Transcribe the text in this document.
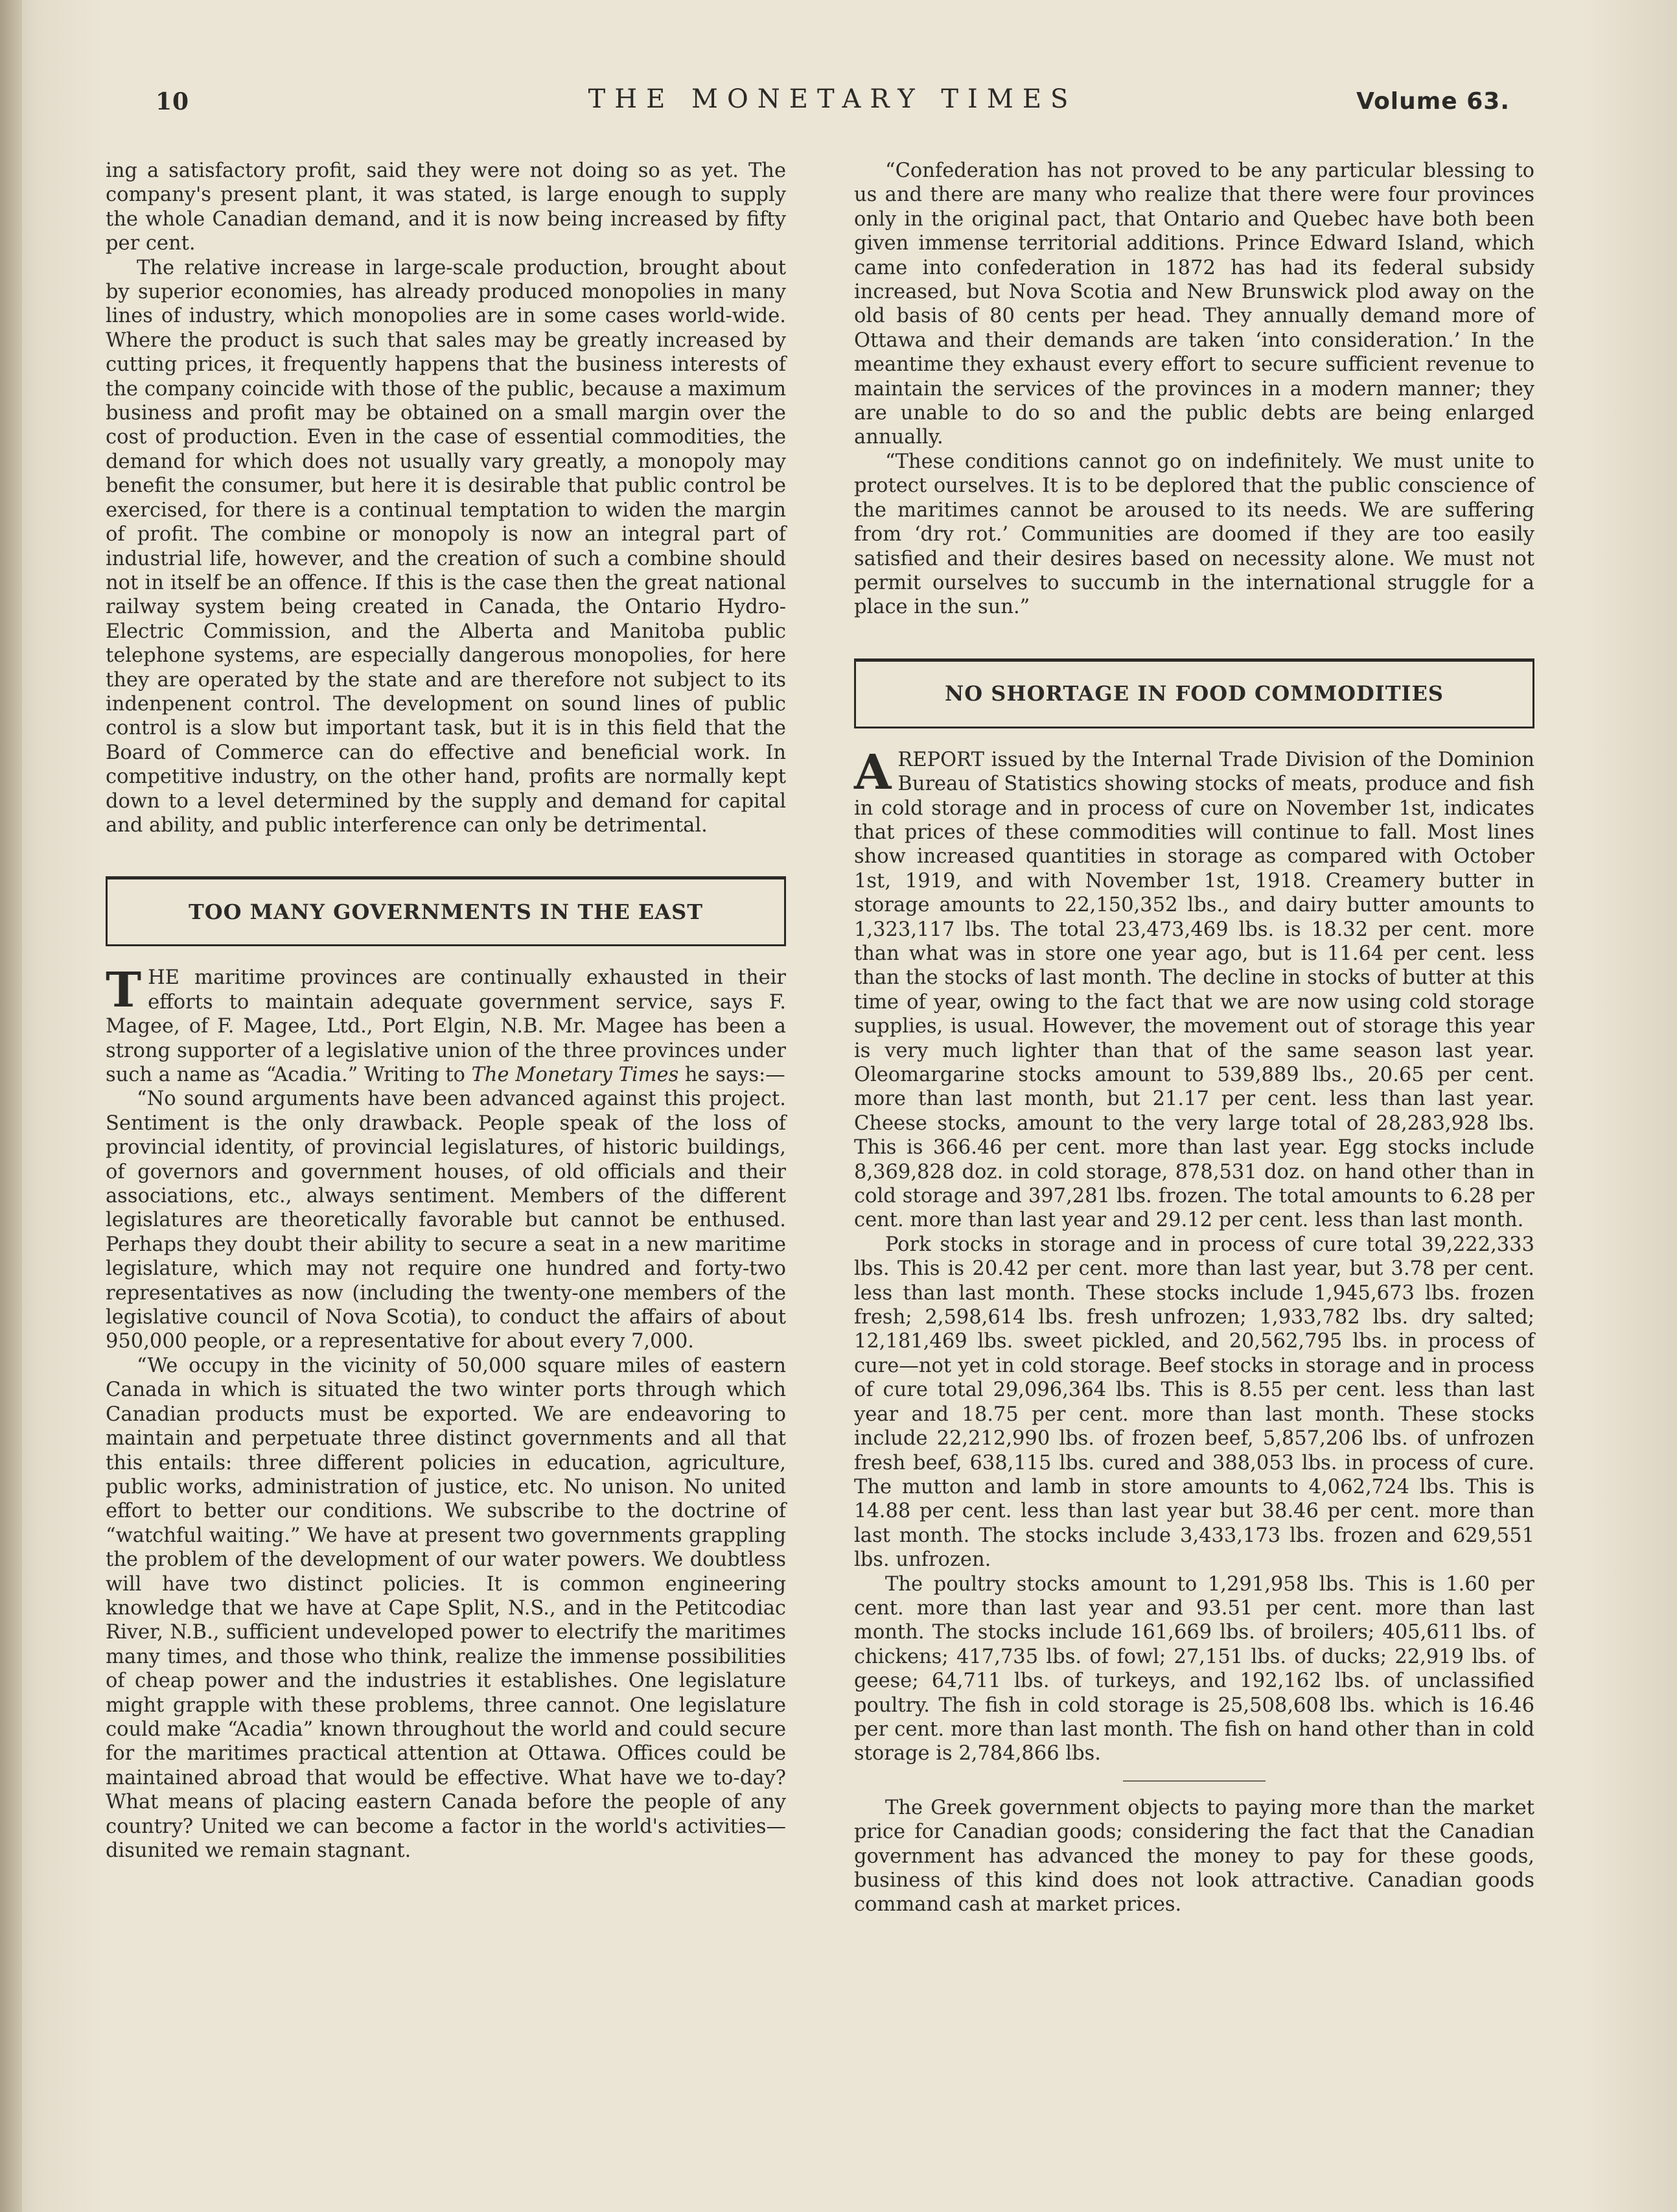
10	THE MONETARY TIMES	Volume 63.

ing a satisfactory profit, said they were not doing so as yet. The company's present plant, it was stated, is large enough to supply the whole Canadian demand, and it is now being increased by fifty per cent.

The relative increase in large-scale production, brought about by superior economies, has already produced monopolies in many lines of industry, which monopolies are in some cases world-wide. Where the product is such that sales may be greatly increased by cutting prices, it frequently happens that the business interests of the company coincide with those of the public, because a maximum business and profit may be obtained on a small margin over the cost of production. Even in the case of essential commodities, the demand for which does not usually vary greatly, a monopoly may benefit the consumer, but here it is desirable that public control be exercised, for there is a continual temptation to widen the margin of profit. The combine or monopoly is now an integral part of industrial life, however, and the creation of such a combine should not in itself be an offence. If this is the case then the great national railway system being created in Canada, the Ontario Hydro-Electric Commission, and the Alberta and Manitoba public telephone systems, are especially dangerous monopolies, for here they are operated by the state and are therefore not subject to its indenpenent control. The development on sound lines of public control is a slow but important task, but it is in this field that the Board of Commerce can do effective and beneficial work. In competitive industry, on the other hand, profits are normally kept down to a level determined by the supply and demand for capital and ability, and public interference can only be detrimental.

TOO MANY GOVERNMENTS IN THE EAST

THE maritime provinces are continually exhausted in their efforts to maintain adequate government service, says F. Magee, of F. Magee, Ltd., Port Elgin, N.B. Mr. Magee has been a strong supporter of a legislative union of the three provinces under such a name as “Acadia.” Writing to The Monetary Times he says:—

“No sound arguments have been advanced against this project. Sentiment is the only drawback. People speak of the loss of provincial identity, of provincial legislatures, of historic buildings, of governors and government houses, of old officials and their associations, etc., always sentiment. Members of the different legislatures are theoretically favorable but cannot be enthused. Perhaps they doubt their ability to secure a seat in a new maritime legislature, which may not require one hundred and forty-two representatives as now (including the twenty-one members of the legislative council of Nova Scotia), to conduct the affairs of about 950,000 people, or a representative for about every 7,000.

“We occupy in the vicinity of 50,000 square miles of eastern Canada in which is situated the two winter ports through which Canadian products must be exported. We are endeavoring to maintain and perpetuate three distinct governments and all that this entails: three different policies in education, agriculture, public works, administration of justice, etc. No unison. No united effort to better our conditions. We subscribe to the doctrine of “watchful waiting.” We have at present two governments grappling the problem of the development of our water powers. We doubtless will have two distinct policies. It is common engineering knowledge that we have at Cape Split, N.S., and in the Petitcodiac River, N.B., sufficient undeveloped power to electrify the maritimes many times, and those who think, realize the immense possibilities of cheap power and the industries it establishes. One legislature might grapple with these problems, three cannot. One legislature could make “Acadia” known throughout the world and could secure for the maritimes practical attention at Ottawa. Offices could be maintained abroad that would be effective. What have we to-day? What means of placing eastern Canada before the people of any country? United we can become a factor in the world's activities—disunited we remain stagnant.

“Confederation has not proved to be any particular blessing to us and there are many who realize that there were four provinces only in the original pact, that Ontario and Quebec have both been given immense territorial additions. Prince Edward Island, which came into confederation in 1872 has had its federal subsidy increased, but Nova Scotia and New Brunswick plod away on the old basis of 80 cents per head. They annually demand more of Ottawa and their demands are taken ‘into consideration.’ In the meantime they exhaust every effort to secure sufficient revenue to maintain the services of the provinces in a modern manner; they are unable to do so and the public debts are being enlarged annually.

“These conditions cannot go on indefinitely. We must unite to protect ourselves. It is to be deplored that the public conscience of the maritimes cannot be aroused to its needs. We are suffering from ‘dry rot.’ Communities are doomed if they are too easily satisfied and their desires based on necessity alone. We must not permit ourselves to succumb in the international struggle for a place in the sun.”

NO SHORTAGE IN FOOD COMMODITIES

AREPORT issued by the Internal Trade Division of the Dominion Bureau of Statistics showing stocks of meats, produce and fish in cold storage and in process of cure on November 1st, indicates that prices of these commodities will continue to fall. Most lines show increased quantities in storage as compared with October 1st, 1919, and with November 1st, 1918. Creamery butter in storage amounts to 22,150,352 lbs., and dairy butter amounts to 1,323,117 lbs. The total 23,473,469 lbs. is 18.32 per cent. more than what was in store one year ago, but is 11.64 per cent. less than the stocks of last month. The decline in stocks of butter at this time of year, owing to the fact that we are now using cold storage supplies, is usual. However, the movement out of storage this year is very much lighter than that of the same season last year. Oleomargarine stocks amount to 539,889 lbs., 20.65 per cent. more than last month, but 21.17 per cent. less than last year. Cheese stocks, amount to the very large total of 28,283,928 lbs. This is 366.46 per cent. more than last year. Egg stocks include 8,369,828 doz. in cold storage, 878,531 doz. on hand other than in cold storage and 397,281 lbs. frozen. The total amounts to 6.28 per cent. more than last year and 29.12 per cent. less than last month.

Pork stocks in storage and in process of cure total 39,222,333 lbs. This is 20.42 per cent. more than last year, but 3.78 per cent. less than last month. These stocks include 1,945,673 lbs. frozen fresh; 2,598,614 lbs. fresh unfrozen; 1,933,782 lbs. dry salted; 12,181,469 lbs. sweet pickled, and 20,562,795 lbs. in process of cure—not yet in cold storage. Beef stocks in storage and in process of cure total 29,096,364 lbs. This is 8.55 per cent. less than last year and 18.75 per cent. more than last month. These stocks include 22,212,990 lbs. of frozen beef, 5,857,206 lbs. of unfrozen fresh beef, 638,115 lbs. cured and 388,053 lbs. in process of cure. The mutton and lamb in store amounts to 4,062,724 lbs. This is 14.88 per cent. less than last year but 38.46 per cent. more than last month. The stocks include 3,433,173 lbs. frozen and 629,551 lbs. unfrozen.

The poultry stocks amount to 1,291,958 lbs. This is 1.60 per cent. more than last year and 93.51 per cent. more than last month. The stocks include 161,669 lbs. of broilers; 405,611 lbs. of chickens; 417,735 lbs. of fowl; 27,151 lbs. of ducks; 22,919 lbs. of geese; 64,711 lbs. of turkeys, and 192,162 lbs. of unclassified poultry. The fish in cold storage is 25,508,608 lbs. which is 16.46 per cent. more than last month. The fish on hand other than in cold storage is 2,784,866 lbs.

The Greek government objects to paying more than the market price for Canadian goods; considering the fact that the Canadian government has advanced the money to pay for these goods, business of this kind does not look attractive. Canadian goods command cash at market prices.
